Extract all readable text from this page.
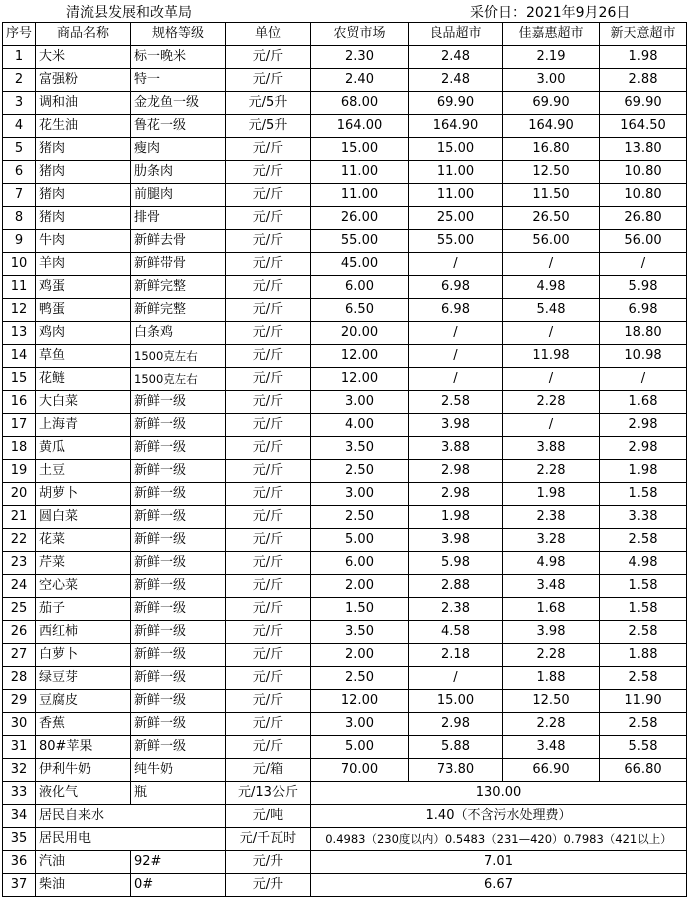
清流县发展和改革局	采价日：2021年9月26日
序号	商品名称	规格等级	单位	农贸市场	良品超市	佳嘉惠超市	新天意超市
1	大米	标一晚米	元/斤	2.30	2.48	2.19	1.98
2	富强粉	特一	元/斤	2.40	2.48	3.00	2.88
3	调和油	金龙鱼一级	元/5升	68.00	69.90	69.90	69.90
4	花生油	鲁花一级	元/5升	164.00	164.90	164.90	164.50
5	猪肉	瘦肉	元/斤	15.00	15.00	16.80	13.80
6	猪肉	肋条肉	元/斤	11.00	11.00	12.50	10.80
7	猪肉	前腿肉	元/斤	11.00	11.00	11.50	10.80
8	猪肉	排骨	元/斤	26.00	25.00	26.50	26.80
9	牛肉	新鲜去骨	元/斤	55.00	55.00	56.00	56.00
10	羊肉	新鲜带骨	元/斤	45.00	/	/	/
11	鸡蛋	新鲜完整	元/斤	6.00	6.98	4.98	5.98
12	鸭蛋	新鲜完整	元/斤	6.50	6.98	5.48	6.98
13	鸡肉	白条鸡	元/斤	20.00	/	/	18.80
14	草鱼	1500克左右	元/斤	12.00	/	11.98	10.98
15	花鲢	1500克左右	元/斤	12.00	/	/	/
16	大白菜	新鲜一级	元/斤	3.00	2.58	2.28	1.68
17	上海青	新鲜一级	元/斤	4.00	3.98	/	2.98
18	黄瓜	新鲜一级	元/斤	3.50	3.88	3.88	2.98
19	土豆	新鲜一级	元/斤	2.50	2.98	2.28	1.98
20	胡萝卜	新鲜一级	元/斤	3.00	2.98	1.98	1.58
21	圆白菜	新鲜一级	元/斤	2.50	1.98	2.38	3.38
22	花菜	新鲜一级	元/斤	5.00	3.98	3.28	2.58
23	芹菜	新鲜一级	元/斤	6.00	5.98	4.98	4.98
24	空心菜	新鲜一级	元/斤	2.00	2.88	3.48	1.58
25	茄子	新鲜一级	元/斤	1.50	2.38	1.68	1.58
26	西红柿	新鲜一级	元/斤	3.50	4.58	3.98	2.58
27	白萝卜	新鲜一级	元/斤	2.00	2.18	2.28	1.88
28	绿豆芽	新鲜一级	元/斤	2.50	/	1.88	2.58
29	豆腐皮	新鲜一级	元/斤	12.00	15.00	12.50	11.90
30	香蕉	新鲜一级	元/斤	3.00	2.98	2.28	2.58
31	80#苹果	新鲜一级	元/斤	5.00	5.88	3.48	5.58
32	伊利牛奶	纯牛奶	元/箱	70.00	73.80	66.90	66.80
33	液化气	瓶	元/13公斤	130.00			
34	居民自来水		元/吨	1.40（不含污水处理费）			
35	居民用电		元/千瓦时	0.4983（230度以内）0.5483（231—420）0.7983（421以上）			
36	汽油	92#	元/升	7.01			
37	柴油	0#	元/升	6.67			
